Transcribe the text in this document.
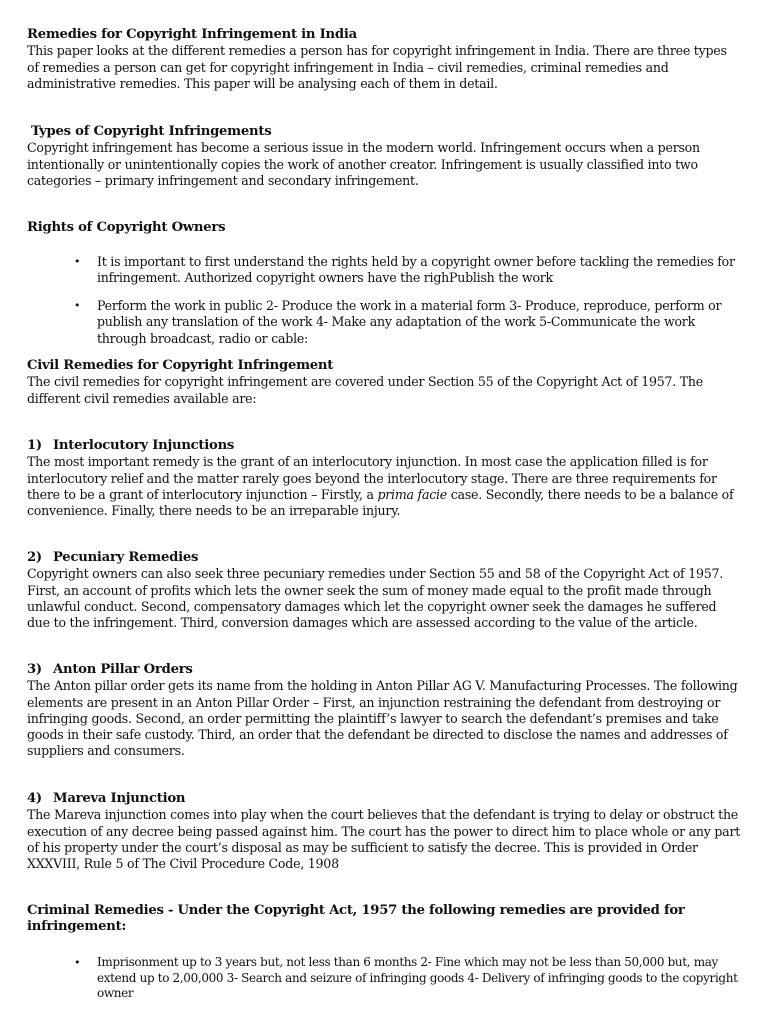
Remedies for Copyright Infringement in India
This paper looks at the different remedies a person has for copyright infringement in India. There are three types of remedies a person can get for copyright infringement in India – civil remedies, criminal remedies and administrative remedies. This paper will be analysing each of them in detail.
Types of Copyright Infringements
Copyright infringement has become a serious issue in the modern world. Infringement occurs when a person intentionally or unintentionally copies the work of another creator. Infringement is usually classified into two categories – primary infringement and secondary infringement.
Rights of Copyright Owners
• It is important to first understand the rights held by a copyright owner before tackling the remedies for infringement. Authorized copyright owners have the righPublish the work
• Perform the work in public 2- Produce the work in a material form 3- Produce, reproduce, perform or publish any translation of the work 4- Make any adaptation of the work 5-Communicate the work through broadcast, radio or cable:
Civil Remedies for Copyright Infringement
The civil remedies for copyright infringement are covered under Section 55 of the Copyright Act of 1957. The different civil remedies available are:
1) Interlocutory Injunctions
The most important remedy is the grant of an interlocutory injunction. In most case the application filled is for interlocutory relief and the matter rarely goes beyond the interlocutory stage. There are three requirements for there to be a grant of interlocutory injunction – Firstly, a prima facie case. Secondly, there needs to be a balance of convenience. Finally, there needs to be an irreparable injury.
2) Pecuniary Remedies
Copyright owners can also seek three pecuniary remedies under Section 55 and 58 of the Copyright Act of 1957. First, an account of profits which lets the owner seek the sum of money made equal to the profit made through unlawful conduct. Second, compensatory damages which let the copyright owner seek the damages he suffered due to the infringement. Third, conversion damages which are assessed according to the value of the article.
3) Anton Pillar Orders
The Anton pillar order gets its name from the holding in Anton Pillar AG V. Manufacturing Processes. The following elements are present in an Anton Pillar Order – First, an injunction restraining the defendant from destroying or infringing goods. Second, an order permitting the plaintiff’s lawyer to search the defendant’s premises and take goods in their safe custody. Third, an order that the defendant be directed to disclose the names and addresses of suppliers and consumers.
4) Mareva Injunction
The Mareva injunction comes into play when the court believes that the defendant is trying to delay or obstruct the execution of any decree being passed against him. The court has the power to direct him to place whole or any part of his property under the court’s disposal as may be sufficient to satisfy the decree. This is provided in Order XXXVIII, Rule 5 of The Civil Procedure Code, 1908
Criminal Remedies - Under the Copyright Act, 1957 the following remedies are provided for infringement:
• Imprisonment up to 3 years but, not less than 6 months 2- Fine which may not be less than 50,000 but, may extend up to 2,00,000 3- Search and seizure of infringing goods 4- Delivery of infringing goods to the copyright owner
